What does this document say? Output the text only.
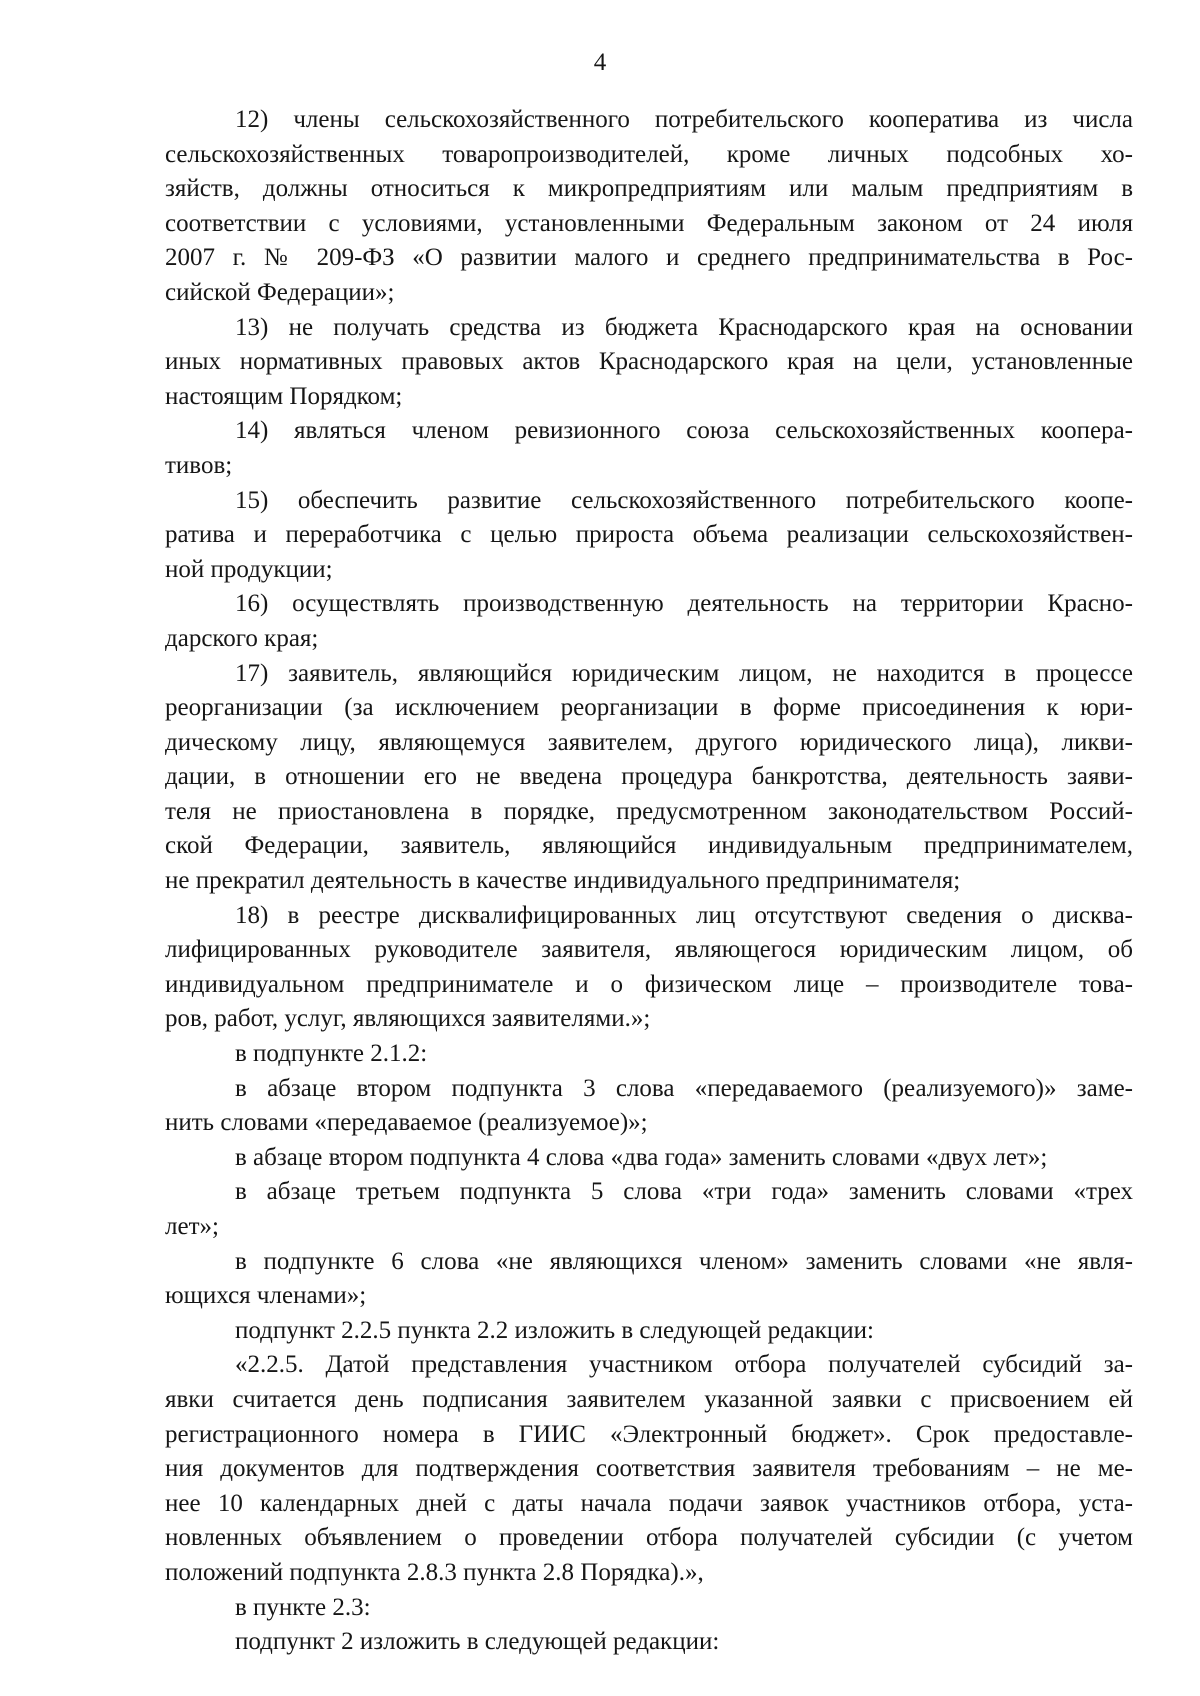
4

12) члены сельскохозяйственного потребительского кооператива из числа
сельскохозяйственных товаропроизводителей, кроме личных подсобных хо-
зяйств, должны относиться к микропредприятиям или малым предприятиям в
соответствии с условиями, установленными Федеральным законом от 24 июля
2007 г. № 209-ФЗ «О развитии малого и среднего предпринимательства в Рос-
сийской Федерации»;

13) не получать средства из бюджета Краснодарского края на основании
иных нормативных правовых актов Краснодарского края на цели, установленные
настоящим Порядком;

14) являться членом ревизионного союза сельскохозяйственных коопера-
тивов;

15) обеспечить развитие сельскохозяйственного потребительского коопе-
ратива и переработчика с целью прироста объема реализации сельскохозяйствен-
ной продукции;

16) осуществлять производственную деятельность на территории Красно-
дарского края;

17) заявитель, являющийся юридическим лицом, не находится в процессе
реорганизации (за исключением реорганизации в форме присоединения к юри-
дическому лицу, являющемуся заявителем, другого юридического лица), ликви-
дации, в отношении его не введена процедура банкротства, деятельность заяви-
теля не приостановлена в порядке, предусмотренном законодательством Россий-
ской Федерации, заявитель, являющийся индивидуальным предпринимателем,
не прекратил деятельность в качестве индивидуального предпринимателя;

18) в реестре дисквалифицированных лиц отсутствуют сведения о дисква-
лифицированных руководителе заявителя, являющегося юридическим лицом, об
индивидуальном предпринимателе и о физическом лице – производителе това-
ров, работ, услуг, являющихся заявителями.»;

в подпункте 2.1.2:

в абзаце втором подпункта 3 слова «передаваемого (реализуемого)» заме-
нить словами «передаваемое (реализуемое)»;

в абзаце втором подпункта 4 слова «два года» заменить словами «двух лет»;

в абзаце третьем подпункта 5 слова «три года» заменить словами «трех
лет»;

в подпункте 6 слова «не являющихся членом» заменить словами «не явля-
ющихся членами»;

подпункт 2.2.5 пункта 2.2 изложить в следующей редакции:

«2.2.5. Датой представления участником отбора получателей субсидий за-
явки считается день подписания заявителем указанной заявки с присвоением ей
регистрационного номера в ГИИС «Электронный бюджет». Срок предоставле-
ния документов для подтверждения соответствия заявителя требованиям – не ме-
нее 10 календарных дней с даты начала подачи заявок участников отбора, уста-
новленных объявлением о проведении отбора получателей субсидии (с учетом
положений подпункта 2.8.3 пункта 2.8 Порядка).»,

в пункте 2.3:

подпункт 2 изложить в следующей редакции:
